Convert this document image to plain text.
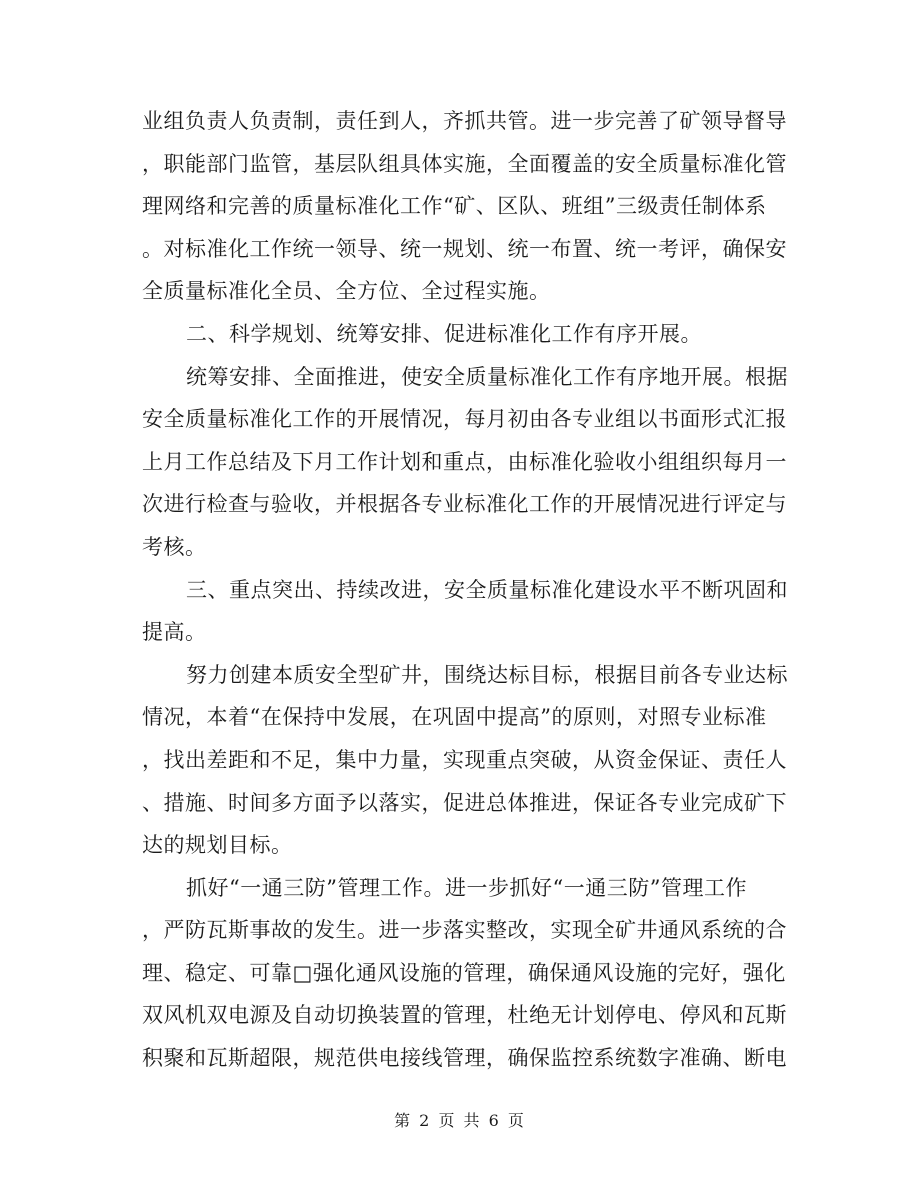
业组负责人负责制，责任到人，齐抓共管。进一步完善了矿领导督导
，职能部门监管，基层队组具体实施，全面覆盖的安全质量标准化管
理网络和完善的质量标准化工作“矿、区队、班组”三级责任制体系
。对标准化工作统一领导、统一规划、统一布置、统一考评，确保安
全质量标准化全员、全方位、全过程实施。
二、科学规划、统筹安排、促进标准化工作有序开展。
统筹安排、全面推进，使安全质量标准化工作有序地开展。根据
安全质量标准化工作的开展情况，每月初由各专业组以书面形式汇报
上月工作总结及下月工作计划和重点，由标准化验收小组组织每月一
次进行检查与验收，并根据各专业标准化工作的开展情况进行评定与
考核。
三、重点突出、持续改进，安全质量标准化建设水平不断巩固和
提高。
努力创建本质安全型矿井，围绕达标目标，根据目前各专业达标
情况，本着“在保持中发展，在巩固中提高”的原则，对照专业标准
，找出差距和不足，集中力量，实现重点突破，从资金保证、责任人
、措施、时间多方面予以落实，促进总体推进，保证各专业完成矿下
达的规划目标。
抓好“一通三防”管理工作。进一步抓好“一通三防”管理工作
，严防瓦斯事故的发生。进一步落实整改，实现全矿井通风系统的合
理、稳定、可靠□强化通风设施的管理，确保通风设施的完好，强化
双风机双电源及自动切换装置的管理，杜绝无计划停电、停风和瓦斯
积聚和瓦斯超限，规范供电接线管理，确保监控系统数字准确、断电
第 2 页 共 6 页
